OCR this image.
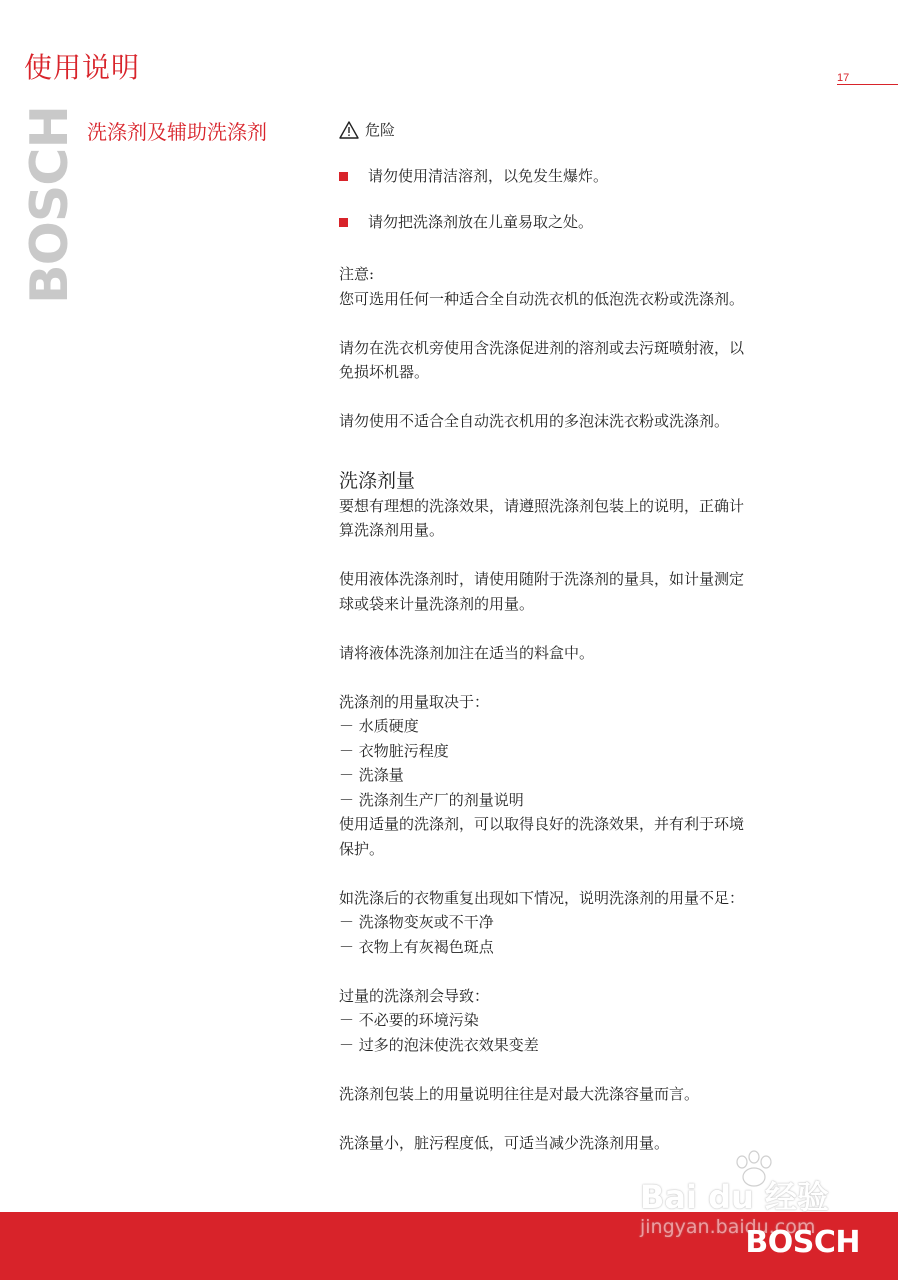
使用说明	17
BOSCH 洗涤剂及辅助洗涤剂	危险
请勿使用清洁溶剂，以免发生爆炸。
请勿把洗涤剂放在儿童易取之处。
注意:
您可选用任何一种适合全自动洗衣机的低泡洗衣粉或洗涤剂。
请勿在洗衣机旁使用含洗涤促进剂的溶剂或去污斑喷射液，以
免损坏机器。
请勿使用不适合全自动洗衣机用的多泡沫洗衣粉或洗涤剂。
洗涤剂量
要想有理想的洗涤效果，请遵照洗涤剂包装上的说明，正确计
算洗涤剂用量。
使用液体洗涤剂时，请使用随附于洗涤剂的量具，如计量测定
球或袋来计量洗涤剂的用量。
请将液体洗涤剂加注在适当的料盒中。
洗涤剂的用量取决于：
－ 水质硬度
－ 衣物脏污程度
－ 洗涤量
－ 洗涤剂生产厂的剂量说明
使用适量的洗涤剂，可以取得良好的洗涤效果，并有利于环境
保护。
如洗涤后的衣物重复出现如下情况，说明洗涤剂的用量不足：
－ 洗涤物变灰或不干净
－ 衣物上有灰褐色斑点
过量的洗涤剂会导致：
－ 不必要的环境污染
－ 过多的泡沫使洗衣效果变差
洗涤剂包装上的用量说明往往是对最大洗涤容量而言。
洗涤量小，脏污程度低，可适当减少洗涤剂用量。
Bai du 经验
jingyan.baidu.com
BOSCH
